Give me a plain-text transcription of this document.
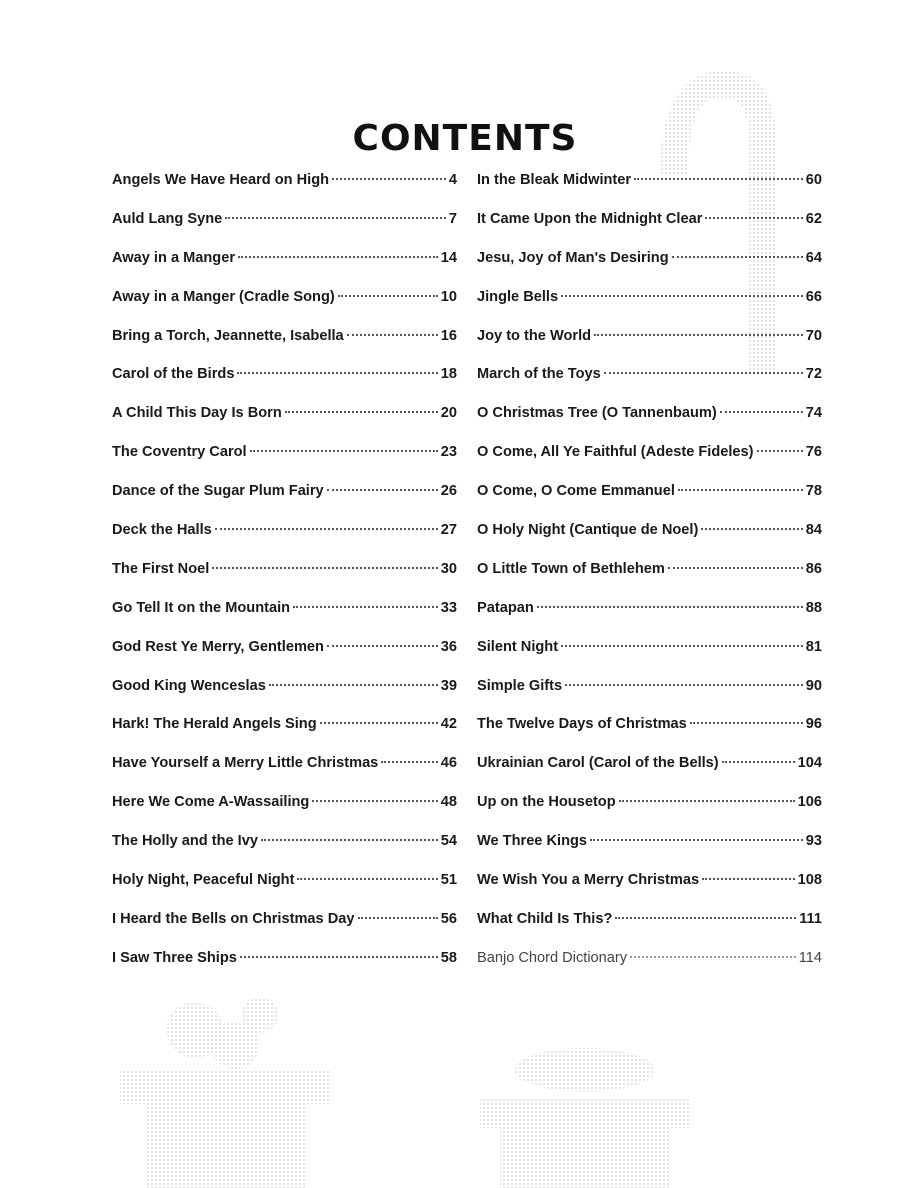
CONTENTS
Angels We Have Heard on High	4
Auld Lang Syne	7
Away in a Manger	14
Away in a Manger (Cradle Song)	10
Bring a Torch, Jeannette, Isabella	16
Carol of the Birds	18
A Child This Day Is Born	20
The Coventry Carol	23
Dance of the Sugar Plum Fairy	26
Deck the Halls	27
The First Noel	30
Go Tell It on the Mountain	33
God Rest Ye Merry, Gentlemen	36
Good King Wenceslas	39
Hark! The Herald Angels Sing	42
Have Yourself a Merry Little Christmas	46
Here We Come A-Wassailing	48
The Holly and the Ivy	54
Holy Night, Peaceful Night	51
I Heard the Bells on Christmas Day	56
I Saw Three Ships	58
In the Bleak Midwinter	60
It Came Upon the Midnight Clear	62
Jesu, Joy of Man's Desiring	64
Jingle Bells	66
Joy to the World	70
March of the Toys	72
O Christmas Tree (O Tannenbaum)	74
O Come, All Ye Faithful (Adeste Fideles)	76
O Come, O Come Emmanuel	78
O Holy Night (Cantique de Noel)	84
O Little Town of Bethlehem	86
Patapan	88
Silent Night	81
Simple Gifts	90
The Twelve Days of Christmas	96
Ukrainian Carol (Carol of the Bells)	104
Up on the Housetop	106
We Three Kings	93
We Wish You a Merry Christmas	108
What Child Is This?	111
Banjo Chord Dictionary	114
